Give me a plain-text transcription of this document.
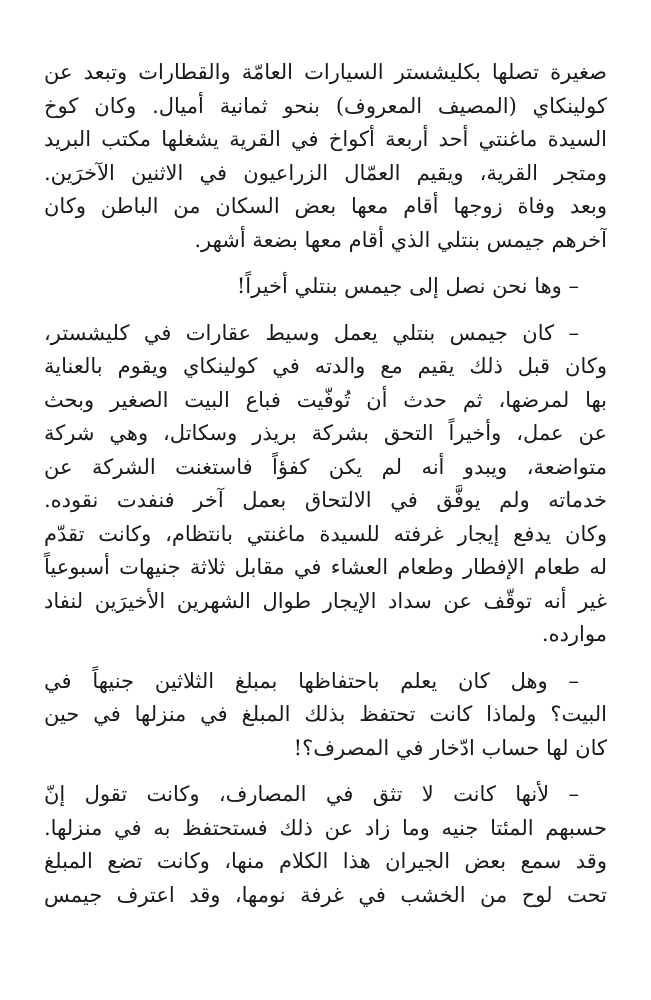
صغيرة تصلها بكليشستر السيارات العامّة والقطارات وتبعد عن
كولينكاي (المصيف المعروف) بنحو ثمانية أميال. وكان كوخ
السيدة ماغنتي أحد أربعة أكواخ في القرية يشغلها مكتب البريد
ومتجر القرية، ويقيم العمّال الزراعيون في الاثنين الآخرَين.
وبعد وفاة زوجها أقام معها بعض السكان من الباطن وكان
آخرهم جيمس بنتلي الذي أقام معها بضعة أشهر.
– وها نحن نصل إلى جيمس بنتلي أخيراً!
– كان جيمس بنتلي يعمل وسيط عقارات في كليشستر،
وكان قبل ذلك يقيم مع والدته في كولينكاي ويقوم بالعناية
بها لمرضها، ثم حدث أن تُوفّيت فباع البيت الصغير وبحث
عن عمل، وأخيراً التحق بشركة بريذر وسكاتل، وهي شركة
متواضعة، ويبدو أنه لم يكن كفؤاً فاستغنت الشركة عن
خدماته ولم يوفَّق في الالتحاق بعمل آخر فنفدت نقوده.
وكان يدفع إيجار غرفته للسيدة ماغنتي بانتظام، وكانت تقدّم
له طعام الإفطار وطعام العشاء في مقابل ثلاثة جنيهات أسبوعياً
غير أنه توقّف عن سداد الإيجار طوال الشهرين الأخيرَين لنفاد
موارده.
– وهل كان يعلم باحتفاظها بمبلغ الثلاثين جنيهاً في
البيت؟ ولماذا كانت تحتفظ بذلك المبلغ في منزلها في حين
كان لها حساب ادّخار في المصرف؟!
– لأنها كانت لا تثق في المصارف، وكانت تقول إنّ
حسبهم المئتا جنيه وما زاد عن ذلك فستحتفظ به في منزلها.
وقد سمع بعض الجيران هذا الكلام منها، وكانت تضع المبلغ
تحت لوح من الخشب في غرفة نومها، وقد اعترف جيمس
